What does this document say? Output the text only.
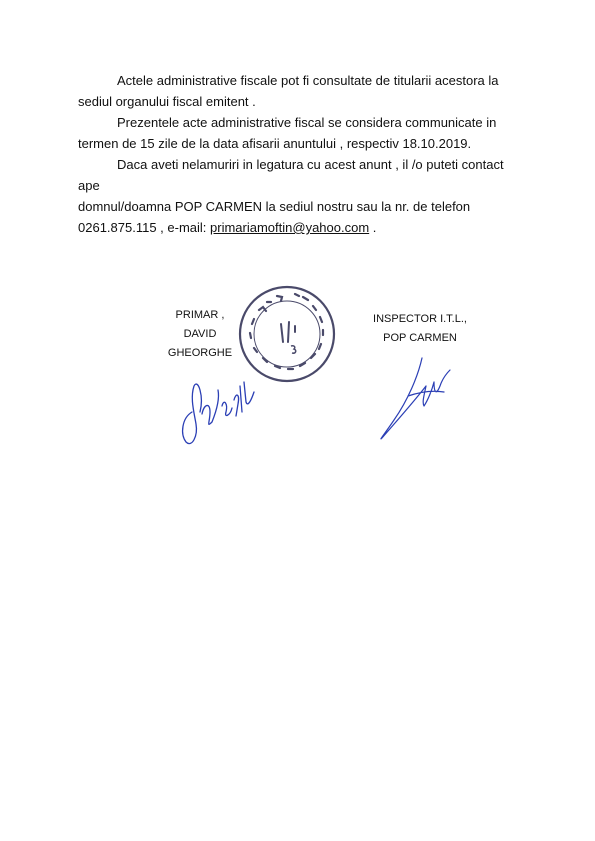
Actele administrative fiscale pot fi consultate de titularii acestora la
sediul organului fiscal emitent .

Prezentele acte administrative fiscal se considera communicate in
termen de 15 zile de la data afisarii anuntului , respectiv 18.10.2019.

Daca aveti nelamuriri in legatura cu acest anunt , il /o puteti contact ape
domnul/doamna POP CARMEN la sediul nostru sau la nr. de telefon
0261.875.115 , e-mail: primariamoftin@yahoo.com .

PRIMAR ,
DAVID GHEORGHE
INSPECTOR I.T.L.,
POP CARMEN
